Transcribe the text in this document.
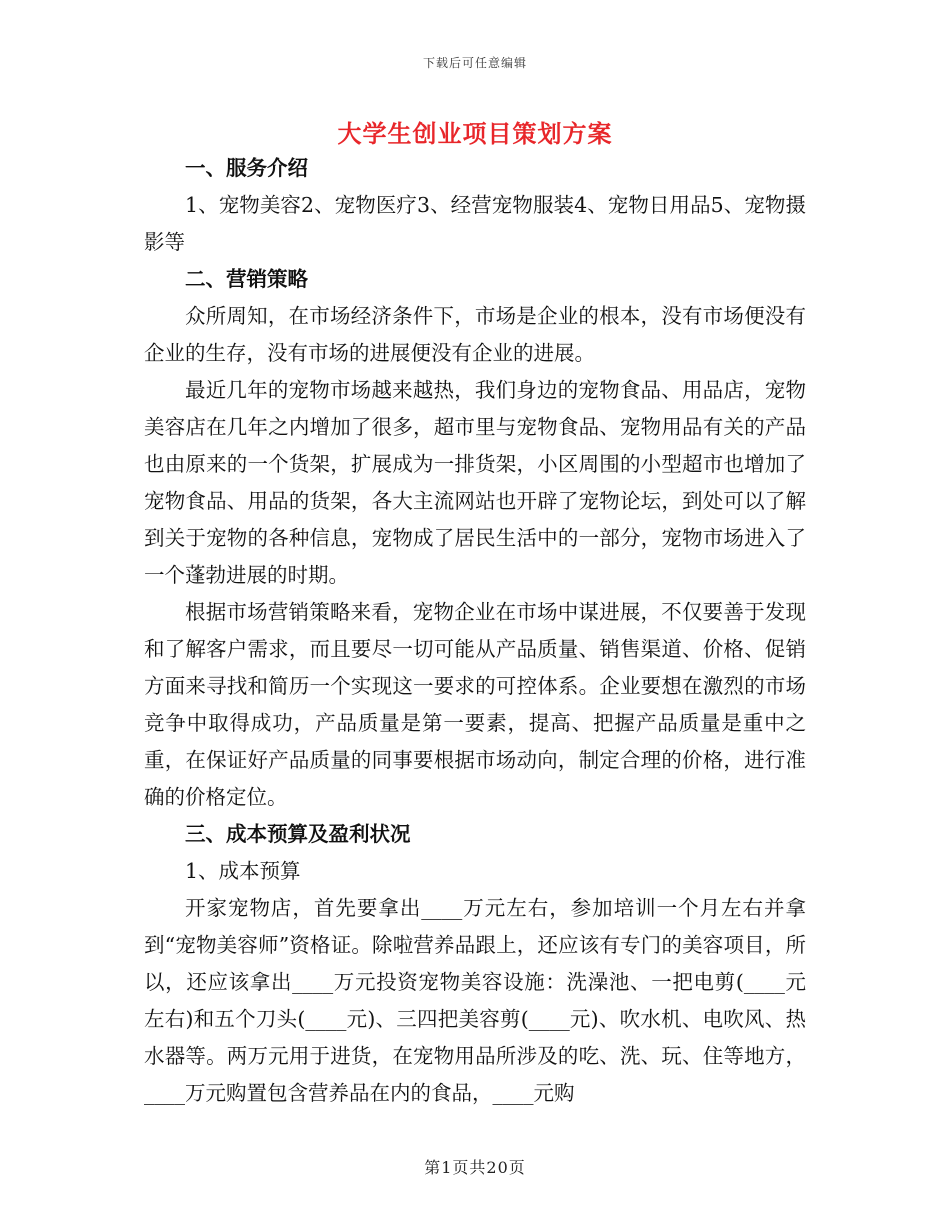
下载后可任意编辑
大学生创业项目策划方案

一、服务介绍

1、宠物美容2、宠物医疗3、经营宠物服装4、宠物日用品5、宠物摄影等

二、营销策略

众所周知，在市场经济条件下，市场是企业的根本，没有市场便没有企业的生存，没有市场的进展便没有企业的进展。

最近几年的宠物市场越来越热，我们身边的宠物食品、用品店，宠物美容店在几年之内增加了很多，超市里与宠物食品、宠物用品有关的产品也由原来的一个货架，扩展成为一排货架，小区周围的小型超市也增加了宠物食品、用品的货架，各大主流网站也开辟了宠物论坛，到处可以了解到关于宠物的各种信息，宠物成了居民生活中的一部分，宠物市场进入了一个蓬勃进展的时期。

根据市场营销策略来看，宠物企业在市场中谋进展，不仅要善于发现和了解客户需求，而且要尽一切可能从产品质量、销售渠道、价格、促销方面来寻找和简历一个实现这一要求的可控体系。企业要想在激烈的市场竞争中取得成功，产品质量是第一要素，提高、把握产品质量是重中之重，在保证好产品质量的同事要根据市场动向，制定合理的价格，进行准确的价格定位。

三、成本预算及盈利状况

1、成本预算

开家宠物店，首先要拿出____万元左右，参加培训一个月左右并拿到“宠物美容师”资格证。除啦营养品跟上，还应该有专门的美容项目，所以，还应该拿出____万元投资宠物美容设施：洗澡池、一把电剪(____元左右)和五个刀头(____元)、三四把美容剪(____元)、吹水机、电吹风、热水器等。两万元用于进货，在宠物用品所涉及的吃、洗、玩、住等地方，____万元购置包含营养品在内的食品，____元购

第1页共20页
